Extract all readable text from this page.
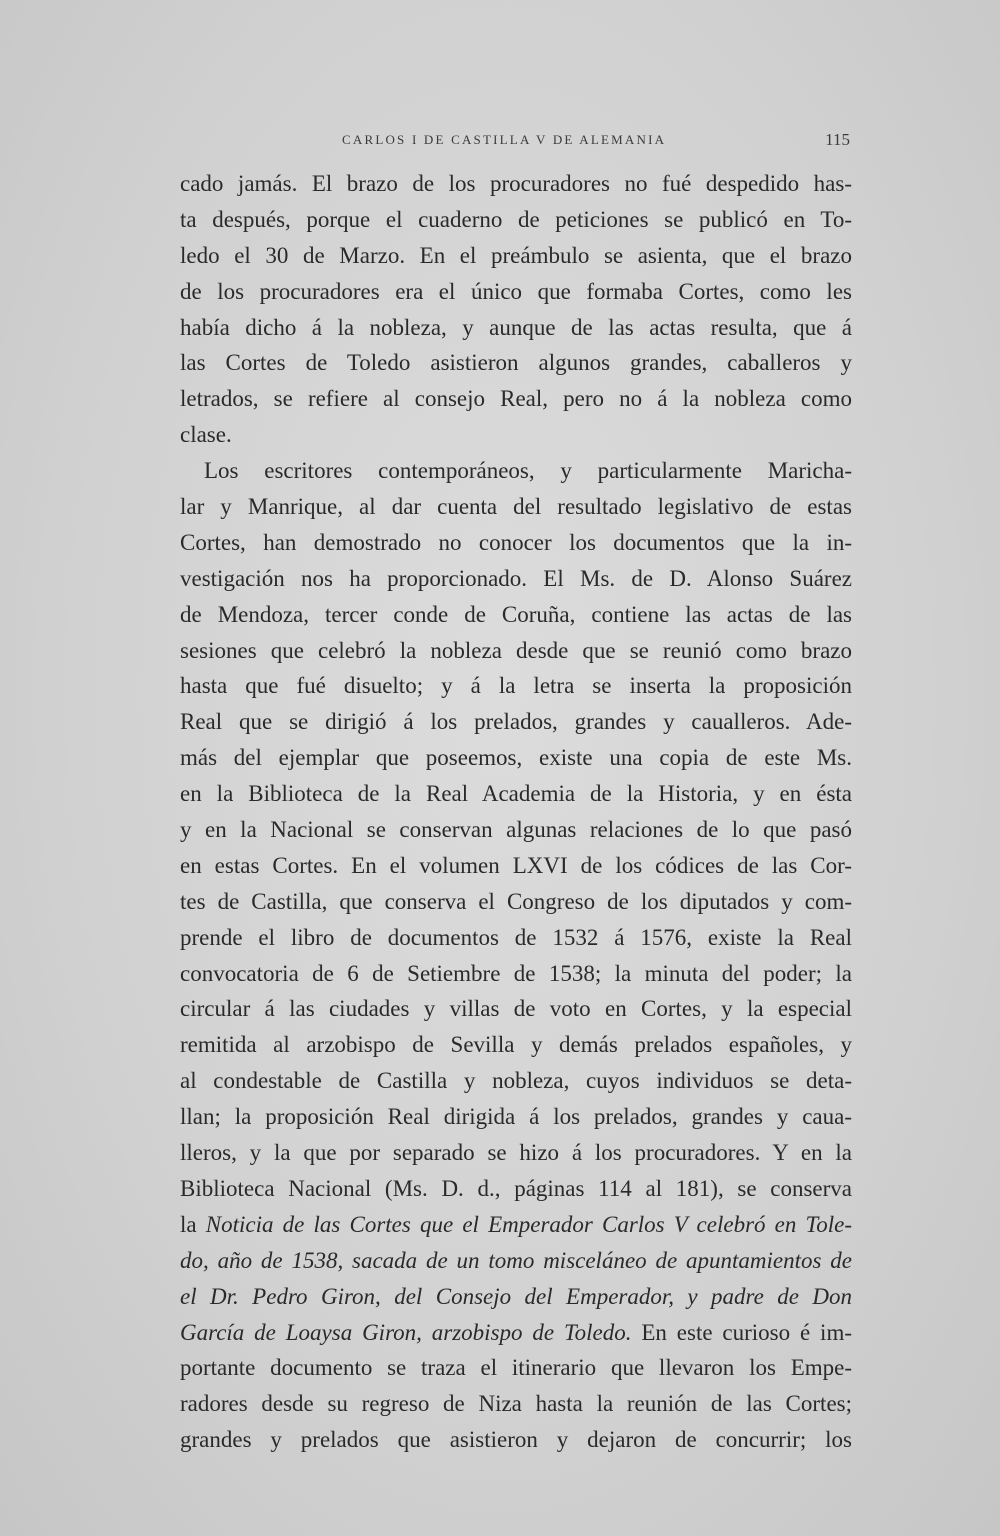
CARLOS I DE CASTILLA V DE ALEMANIA	115
cado jamás. El brazo de los procuradores no fué despedido has-
ta después, porque el cuaderno de peticiones se publicó en To-
ledo el 30 de Marzo. En el preámbulo se asienta, que el brazo
de los procuradores era el único que formaba Cortes, como les
había dicho á la nobleza, y aunque de las actas resulta, que á
las Cortes de Toledo asistieron algunos grandes, caballeros y
letrados, se refiere al consejo Real, pero no á la nobleza como
clase.
Los escritores contemporáneos, y particularmente Maricha-
lar y Manrique, al dar cuenta del resultado legislativo de estas
Cortes, han demostrado no conocer los documentos que la in-
vestigación nos ha proporcionado. El Ms. de D. Alonso Suárez
de Mendoza, tercer conde de Coruña, contiene las actas de las
sesiones que celebró la nobleza desde que se reunió como brazo
hasta que fué disuelto; y á la letra se inserta la proposición
Real que se dirigió á los prelados, grandes y caualleros. Ade-
más del ejemplar que poseemos, existe una copia de este Ms.
en la Biblioteca de la Real Academia de la Historia, y en ésta
y en la Nacional se conservan algunas relaciones de lo que pasó
en estas Cortes. En el volumen LXVI de los códices de las Cor-
tes de Castilla, que conserva el Congreso de los diputados y com-
prende el libro de documentos de 1532 á 1576, existe la Real
convocatoria de 6 de Setiembre de 1538; la minuta del poder; la
circular á las ciudades y villas de voto en Cortes, y la especial
remitida al arzobispo de Sevilla y demás prelados españoles, y
al condestable de Castilla y nobleza, cuyos individuos se deta-
llan; la proposición Real dirigida á los prelados, grandes y caua-
lleros, y la que por separado se hizo á los procuradores. Y en la
Biblioteca Nacional (Ms. D. d., páginas 114 al 181), se conserva
la Noticia de las Cortes que el Emperador Carlos V celebró en Tole-
do, año de 1538, sacada de un tomo misceláneo de apuntamientos de
el Dr. Pedro Giron, del Consejo del Emperador, y padre de Don
García de Loaysa Giron, arzobispo de Toledo. En este curioso é im-
portante documento se traza el itinerario que llevaron los Empe-
radores desde su regreso de Niza hasta la reunión de las Cortes;
grandes y prelados que asistieron y dejaron de concurrir; los
